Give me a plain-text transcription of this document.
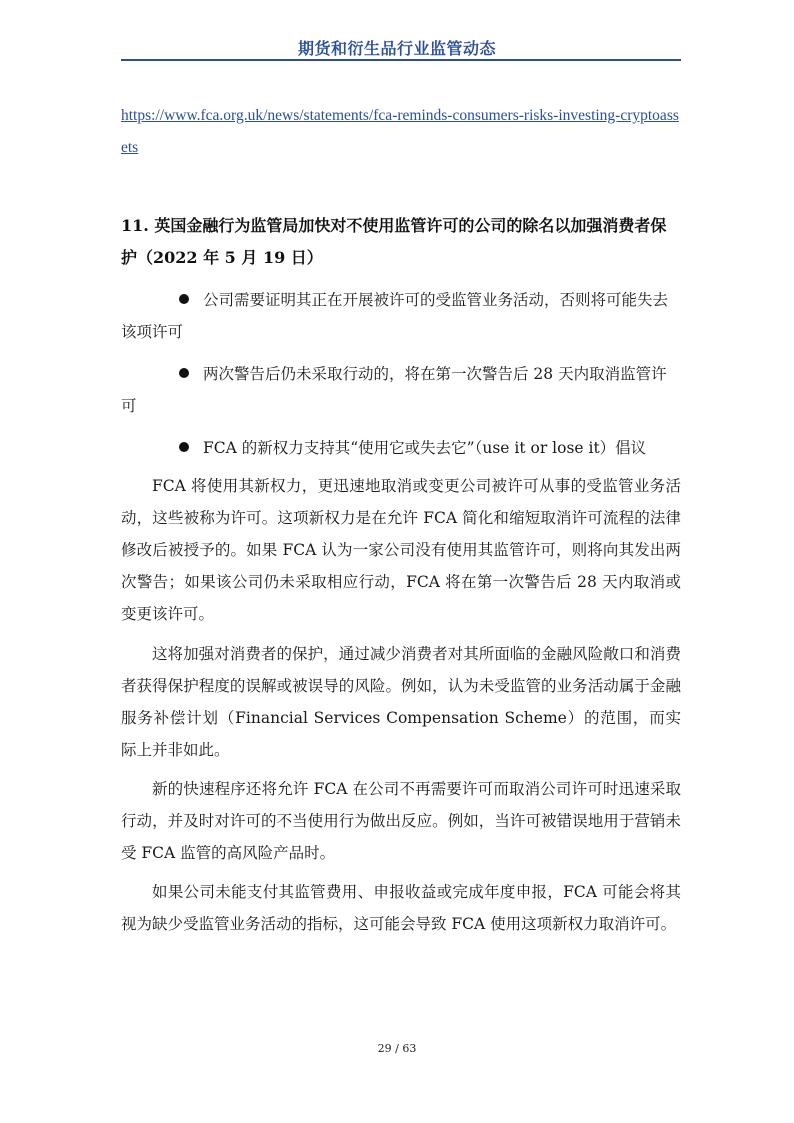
期货和衍生品行业监管动态

https://www.fca.org.uk/news/statements/fca-reminds-consumers-risks-investing-cryptoassets

11. 英国金融行为监管局加快对不使用监管许可的公司的除名以加强消费者保护（2022 年 5 月 19 日）

公司需要证明其正在开展被许可的受监管业务活动，否则将可能失去该项许可
两次警告后仍未采取行动的，将在第一次警告后 28 天内取消监管许可
FCA 的新权力支持其“使用它或失去它”（use it or lose it）倡议

FCA 将使用其新权力，更迅速地取消或变更公司被许可从事的受监管业务活动，这些被称为许可。这项新权力是在允许 FCA 简化和缩短取消许可流程的法律修改后被授予的。如果 FCA 认为一家公司没有使用其监管许可，则将向其发出两次警告；如果该公司仍未采取相应行动，FCA 将在第一次警告后 28 天内取消或变更该许可。

这将加强对消费者的保护，通过减少消费者对其所面临的金融风险敞口和消费者获得保护程度的误解或被误导的风险。例如，认为未受监管的业务活动属于金融服务补偿计划（Financial Services Compensation Scheme）的范围，而实际上并非如此。

新的快速程序还将允许 FCA 在公司不再需要许可而取消公司许可时迅速采取行动，并及时对许可的不当使用行为做出反应。例如，当许可被错误地用于营销未受 FCA 监管的高风险产品时。

如果公司未能支付其监管费用、申报收益或完成年度申报，FCA 可能会将其视为缺少受监管业务活动的指标，这可能会导致 FCA 使用这项新权力取消许可。

29 / 63
